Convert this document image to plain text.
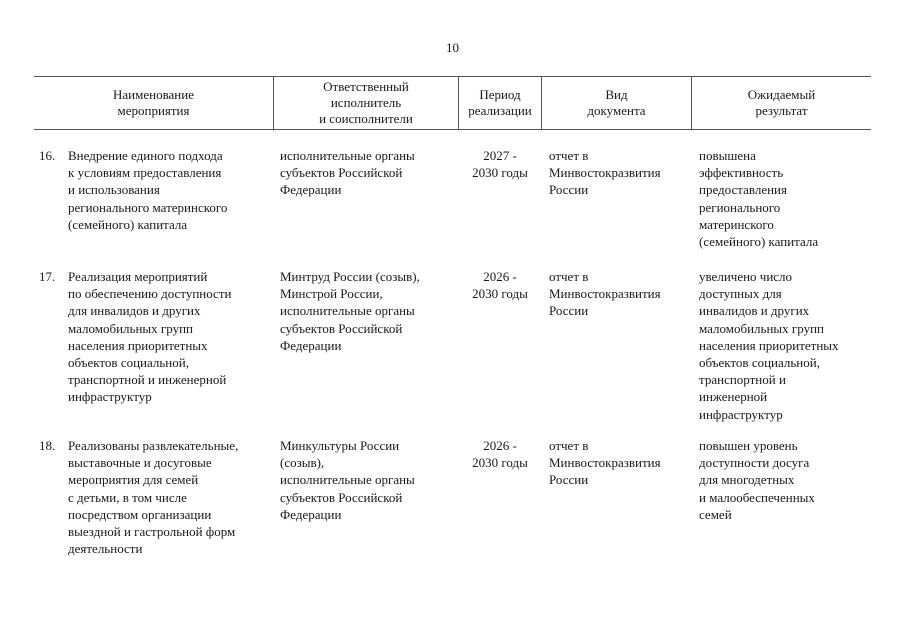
10
Наименование
мероприятия
Ответственный
исполнитель
и соисполнители
Период
реализации
Вид
документа
Ожидаемый
результат
16. Внедрение единого подхода
к условиям предоставления
и использования
регионального материнского
(семейного) капитала
исполнительные органы
субъектов Российской
Федерации
2027 -
2030 годы
отчет в
Минвостокразвития
России
повышена
эффективность
предоставления
регионального
материнского
(семейного) капитала
17. Реализация мероприятий
по обеспечению доступности
для инвалидов и других
маломобильных групп
населения приоритетных
объектов социальной,
транспортной и инженерной
инфраструктур
Минтруд России (созыв),
Минстрой России,
исполнительные органы
субъектов Российской
Федерации
2026 -
2030 годы
отчет в
Минвостокразвития
России
увеличено число
доступных для
инвалидов и других
маломобильных групп
населения приоритетных
объектов социальной,
транспортной и
инженерной
инфраструктур
18. Реализованы развлекательные,
выставочные и досуговые
мероприятия для семей
с детьми, в том числе
посредством организации
выездной и гастрольной форм
деятельности
Минкультуры России
(созыв),
исполнительные органы
субъектов Российской
Федерации
2026 -
2030 годы
отчет в
Минвостокразвития
России
повышен уровень
доступности досуга
для многодетных
и малообеспеченных
семей
